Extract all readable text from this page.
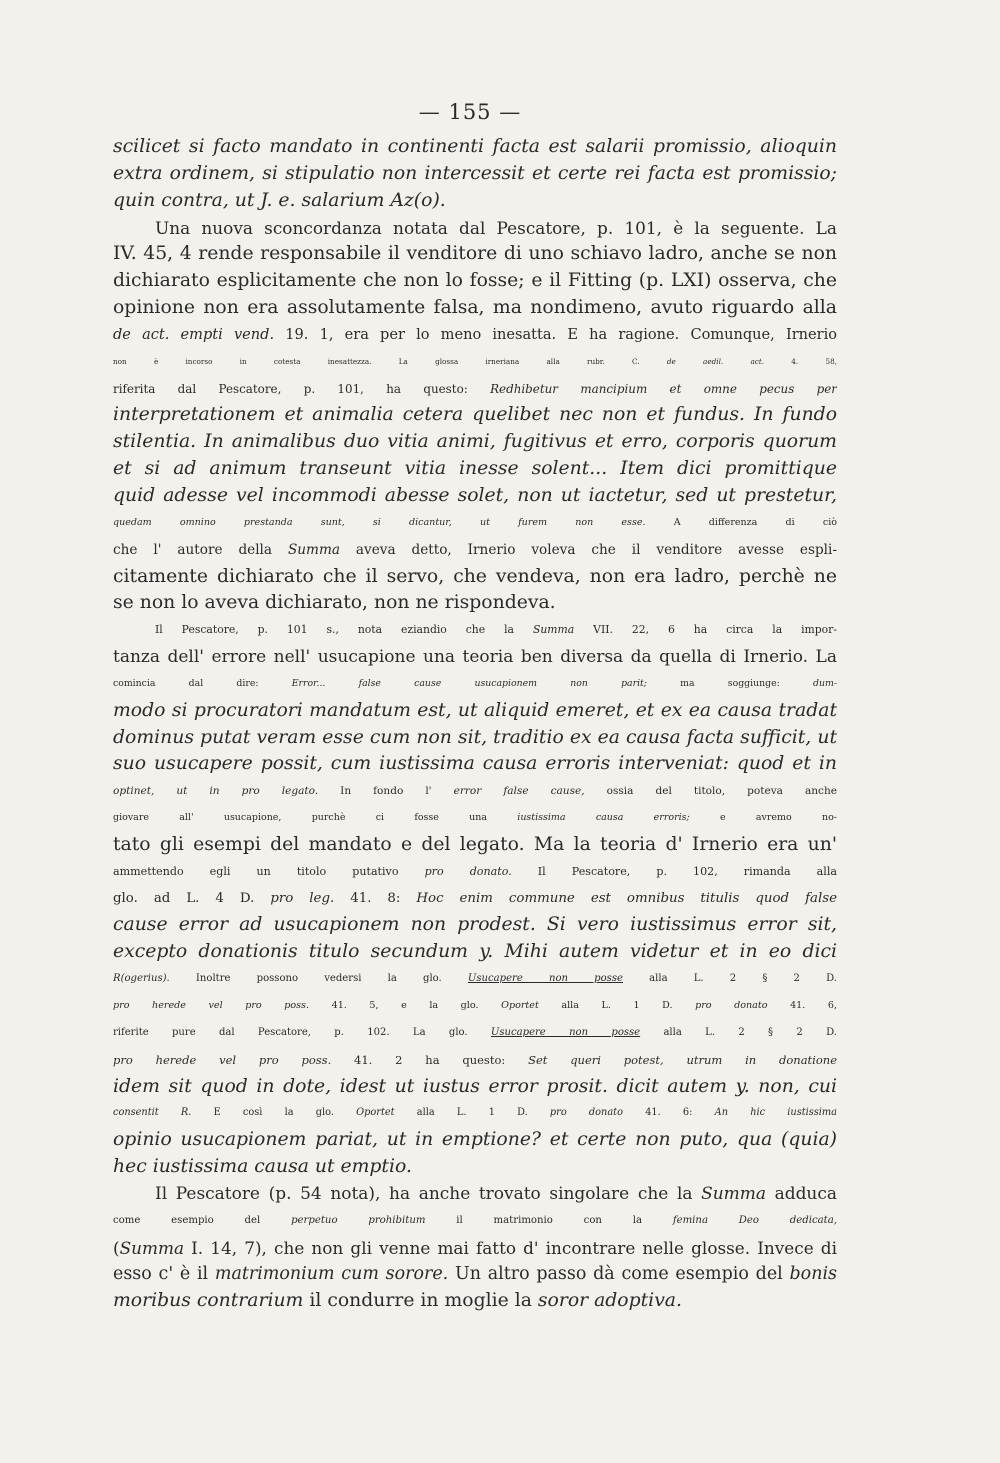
— 155 —
scilicet si facto mandato in continenti facta est salarii promissio, alioquin
extra ordinem, si stipulatio non intercessit et certe rei facta est promissio;
quin contra, ut J. e. salarium Az(o).
Una nuova sconcordanza notata dal Pescatore, p. 101, è la seguente. La
IV. 45, 4 rende responsabile il venditore di uno schiavo ladro, anche se non
dichiarato esplicitamente che non lo fosse; e il Fitting (p. LXI) osserva, che
opinione non era assolutamente falsa, ma nondimeno, avuto riguardo alla
de act. empti vend. 19. 1, era per lo meno inesatta. E ha ragione. Comunque, Irnerio
non è incorso in cotesta inesattezza. La glossa irneriana alla rubr. C. de aedil. act. 4. 58,
riferita dal Pescatore, p. 101, ha questo: Redhibetur mancipium et omne pecus per
interpretationem et animalia cetera quelibet nec non et fundus. In fundo
stilentia. In animalibus duo vitia animi, fugitivus et erro, corporis quorum
et si ad animum transeunt vitia inesse solent... Item dici promittique
quid adesse vel incommodi abesse solet, non ut iactetur, sed ut prestetur,
quedam omnino prestanda sunt, si dicantur, ut furem non esse. A differenza di ciò
che l' autore della Summa aveva detto, Irnerio voleva che il venditore avesse espli-
citamente dichiarato che il servo, che vendeva, non era ladro, perchè ne
se non lo aveva dichiarato, non ne rispondeva.
Il Pescatore, p. 101 s., nota eziandio che la Summa VII. 22, 6 ha circa la impor-
tanza dell' errore nell' usucapione una teoria ben diversa da quella di Irnerio. La
comincia dal dire: Error... false cause usucapionem non parit; ma soggiunge: dum-
modo si procuratori mandatum est, ut aliquid emeret, et ex ea causa tradat
dominus putat veram esse cum non sit, traditio ex ea causa facta sufficit, ut
suo usucapere possit, cum iustissima causa erroris interveniat: quod et in
optinet, ut in pro legato. In fondo l' error false cause, ossia del titolo, poteva anche
giovare all' usucapione, purchè ci fosse una iustissima causa erroris; e avremo no-
tato gli esempi del mandato e del legato. Ma la teoria d' Irnerio era un'
ammettendo egli un titolo putativo pro donato. Il Pescatore, p. 102, rimanda alla
glo. ad L. 4 D. pro leg. 41. 8: Hoc enim commune est omnibus titulis quod false
cause error ad usucapionem non prodest. Si vero iustissimus error sit,
excepto donationis titulo secundum y. Mihi autem videtur et in eo dici
R(ogerius). Inoltre possono vedersi la glo. Usucapere non posse alla L. 2 § 2 D.
pro herede vel pro poss. 41. 5, e la glo. Oportet alla L. 1 D. pro donato 41. 6,
riferite pure dal Pescatore, p. 102. La glo. Usucapere non posse alla L. 2 § 2 D.
pro herede vel pro poss. 41. 2 ha questo: Set queri potest, utrum in donatione
idem sit quod in dote, idest ut iustus error prosit. dicit autem y. non, cui
consentit R. E così la glo. Oportet alla L. 1 D. pro donato 41. 6: An hic iustissima
opinio usucapionem pariat, ut in emptione? et certe non puto, qua (quia)
hec iustissima causa ut emptio.
Il Pescatore (p. 54 nota), ha anche trovato singolare che la Summa adduca
come esempio del perpetuo prohibitum il matrimonio con la femina Deo dedicata,
(Summa I. 14, 7), che non gli venne mai fatto d' incontrare nelle glosse. Invece di
esso c' è il matrimonium cum sorore. Un altro passo dà come esempio del bonis
moribus contrarium il condurre in moglie la soror adoptiva.
